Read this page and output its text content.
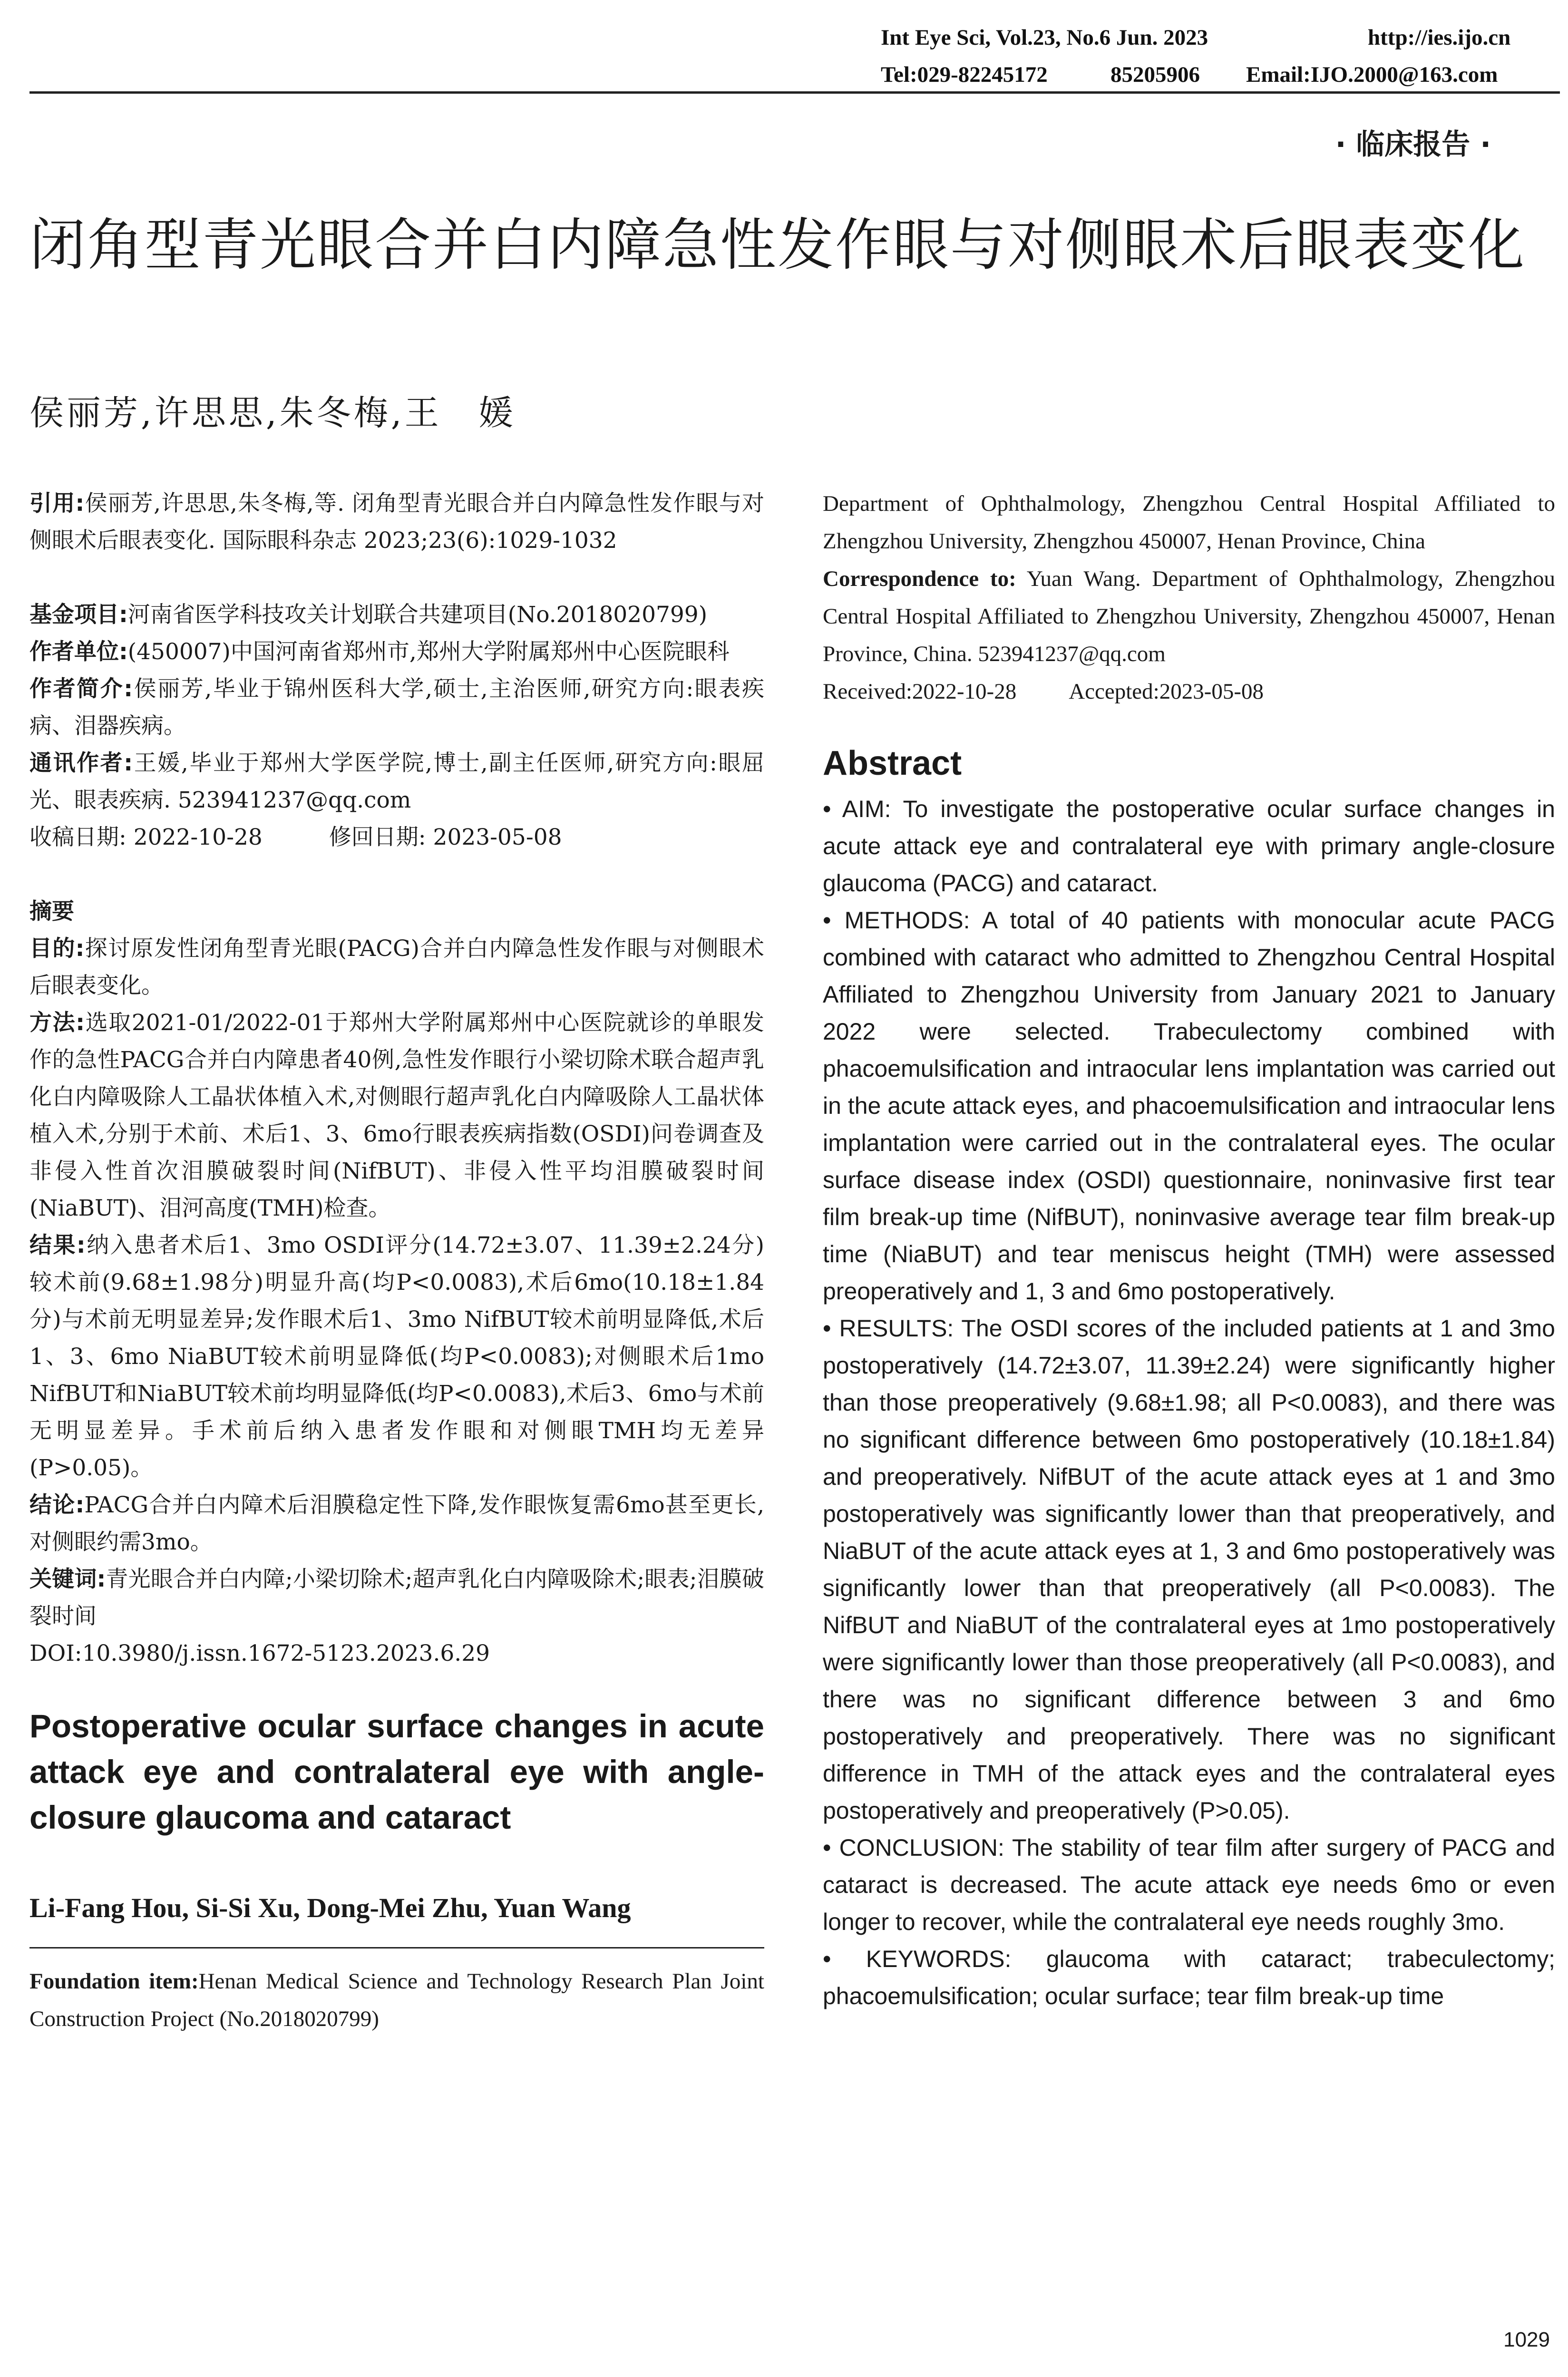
Int Eye Sci, Vol.23, No.6 Jun. 2023	http://ies.ijo.cn
Tel:029-82245172	85205906 Email:IJO.2000@163.com
· 临床报告 ·
闭角型青光眼合并白内障急性发作眼与对侧眼术后眼表变化
侯丽芳,许思思,朱冬梅,王　媛

引用:侯丽芳,许思思,朱冬梅,等. 闭角型青光眼合并白内障急性发作眼与对侧眼术后眼表变化. 国际眼科杂志 2023;23(6):1029-1032

基金项目:河南省医学科技攻关计划联合共建项目(No.2018020799)

作者单位:(450007)中国河南省郑州市,郑州大学附属郑州中心医院眼科

作者简介:侯丽芳,毕业于锦州医科大学,硕士,主治医师,研究方向:眼表疾病、泪器疾病。

通讯作者:王媛,毕业于郑州大学医学院,博士,副主任医师,研究方向:眼屈光、眼表疾病. 523941237@qq.com

收稿日期: 2022-10-28	修回日期: 2023-05-08

摘要

目的:探讨原发性闭角型青光眼(PACG)合并白内障急性发作眼与对侧眼术后眼表变化。

方法:选取2021-01/2022-01于郑州大学附属郑州中心医院就诊的单眼发作的急性PACG合并白内障患者40例,急性发作眼行小梁切除术联合超声乳化白内障吸除人工晶状体植入术,对侧眼行超声乳化白内障吸除人工晶状体植入术,分别于术前、术后1、3、6mo行眼表疾病指数(OSDI)问卷调查及非侵入性首次泪膜破裂时间(NifBUT)、非侵入性平均泪膜破裂时间(NiaBUT)、泪河高度(TMH)检查。

结果:纳入患者术后1、3mo OSDI评分(14.72±3.07、11.39±2.24分)较术前(9.68±1.98分)明显升高(均P<0.0083),术后6mo(10.18±1.84分)与术前无明显差异;发作眼术后1、3mo NifBUT较术前明显降低,术后1、3、6mo NiaBUT较术前明显降低(均P<0.0083);对侧眼术后1mo NifBUT和NiaBUT较术前均明显降低(均P<0.0083),术后3、6mo与术前无明显差异。手术前后纳入患者发作眼和对侧眼TMH均无差异(P>0.05)。

结论:PACG合并白内障术后泪膜稳定性下降,发作眼恢复需6mo甚至更长,对侧眼约需3mo。

关键词:青光眼合并白内障;小梁切除术;超声乳化白内障吸除术;眼表;泪膜破裂时间

DOI:10.3980/j.issn.1672-5123.2023.6.29

Postoperative ocular surface changes in acute attack eye and contralateral eye with angle-closure glaucoma and cataract
Li-Fang Hou, Si-Si Xu, Dong-Mei Zhu, Yuan Wang

Foundation item:Henan Medical Science and Technology Research Plan Joint Construction Project (No.2018020799)

Department of Ophthalmology, Zhengzhou Central Hospital Affiliated to Zhengzhou University, Zhengzhou 450007, Henan Province, China

Correspondence to: Yuan Wang. Department of Ophthalmology, Zhengzhou Central Hospital Affiliated to Zhengzhou University, Zhengzhou 450007, Henan Province, China. 523941237@qq.com

Received:2022-10-28 Accepted:2023-05-08

Abstract

• AIM: To investigate the postoperative ocular surface changes in acute attack eye and contralateral eye with primary angle-closure glaucoma (PACG) and cataract.

• METHODS: A total of 40 patients with monocular acute PACG combined with cataract who admitted to Zhengzhou Central Hospital Affiliated to Zhengzhou University from January 2021 to January 2022 were selected. Trabeculectomy combined with phacoemulsification and intraocular lens implantation was carried out in the acute attack eyes, and phacoemulsification and intraocular lens implantation were carried out in the contralateral eyes. The ocular surface disease index (OSDI) questionnaire, noninvasive first tear film break-up time (NifBUT), noninvasive average tear film break-up time (NiaBUT) and tear meniscus height (TMH) were assessed preoperatively and 1, 3 and 6mo postoperatively.

• RESULTS: The OSDI scores of the included patients at 1 and 3mo postoperatively (14.72±3.07, 11.39±2.24) were significantly higher than those preoperatively (9.68±1.98; all P<0.0083), and there was no significant difference between 6mo postoperatively (10.18±1.84) and preoperatively. NifBUT of the acute attack eyes at 1 and 3mo postoperatively was significantly lower than that preoperatively, and NiaBUT of the acute attack eyes at 1, 3 and 6mo postoperatively was significantly lower than that preoperatively (all P<0.0083). The NifBUT and NiaBUT of the contralateral eyes at 1mo postoperatively were significantly lower than those preoperatively (all P<0.0083), and there was no significant difference between 3 and 6mo postoperatively and preoperatively. There was no significant difference in TMH of the attack eyes and the contralateral eyes postoperatively and preoperatively (P>0.05).

• CONCLUSION: The stability of tear film after surgery of PACG and cataract is decreased. The acute attack eye needs 6mo or even longer to recover, while the contralateral eye needs roughly 3mo.

• KEYWORDS: glaucoma with cataract; trabeculectomy; phacoemulsification; ocular surface; tear film break-up time

1029
